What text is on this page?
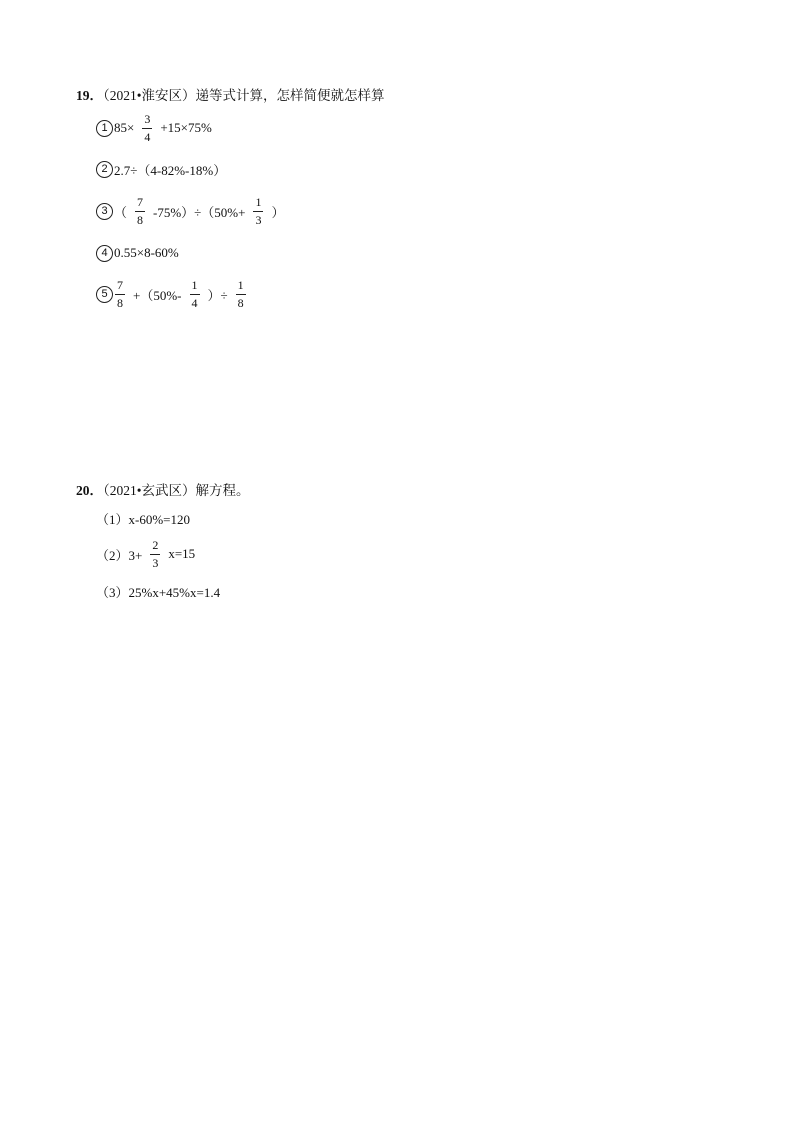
19．（2021•淮安区）递等式计算，怎样简便就怎样算
1 $85\times \frac{3}{4} +15\times 75\%$
2 2.7÷（4-82%-18%）
3 （ $\frac{7}{8} -75\%)\div(50\%+ \frac{1}{3}$ ）
4 0.55×8-60%
$5 \frac{7}{8} +(50\%- \frac{1}{4}$ ）÷ $\frac{1}{8}$
20．（2021•玄武区）解方程。
（1）x-60%=120
$(2)3+ \frac{2}{3} x=15$
（3）25%x+45%x=1.4
